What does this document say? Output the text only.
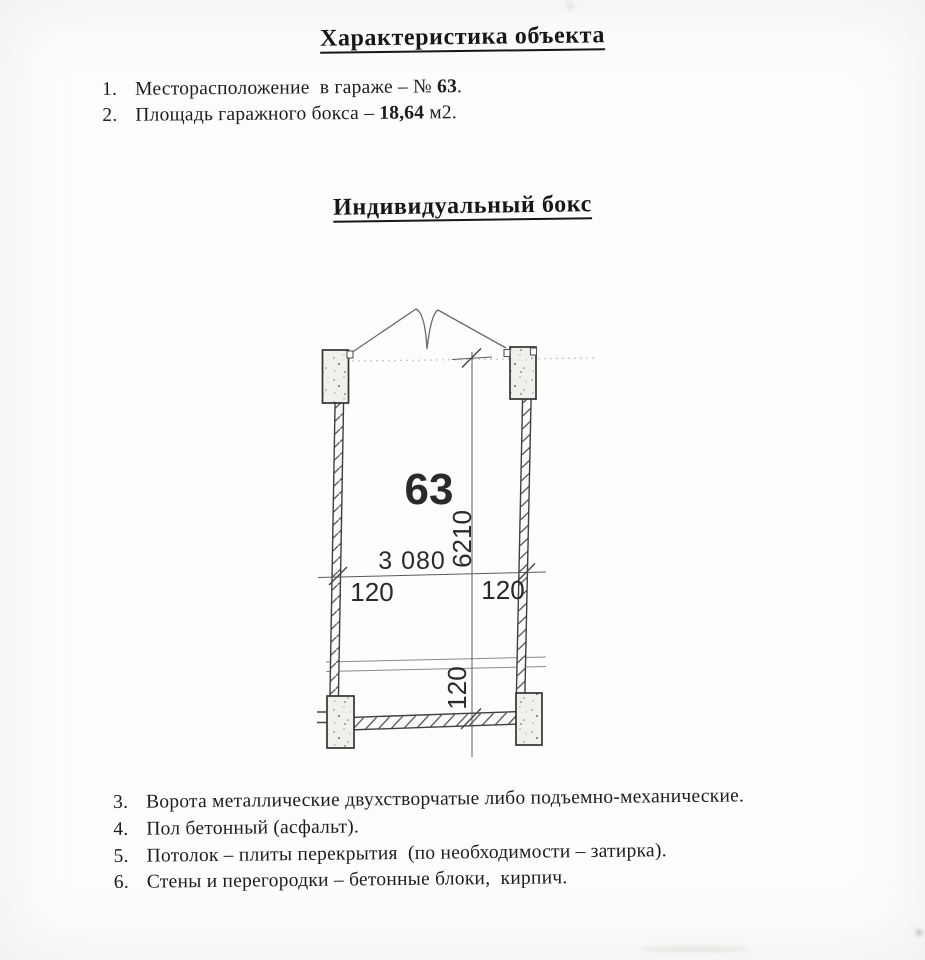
Характеристика объекта
1. Месторасположение  в гараже – № 63.
2. Площадь гаражного бокса – 18,64 м2.
Индивидуальный бокс
63
6210
3 080
120	120
120
3. Ворота металлические двухстворчатые либо подъемно-механические.
4. Пол бетонный (асфальт).
5. Потолок – плиты перекрытия  (по необходимости – затирка).
6. Стены и перегородки – бетонные блоки,  кирпич.
